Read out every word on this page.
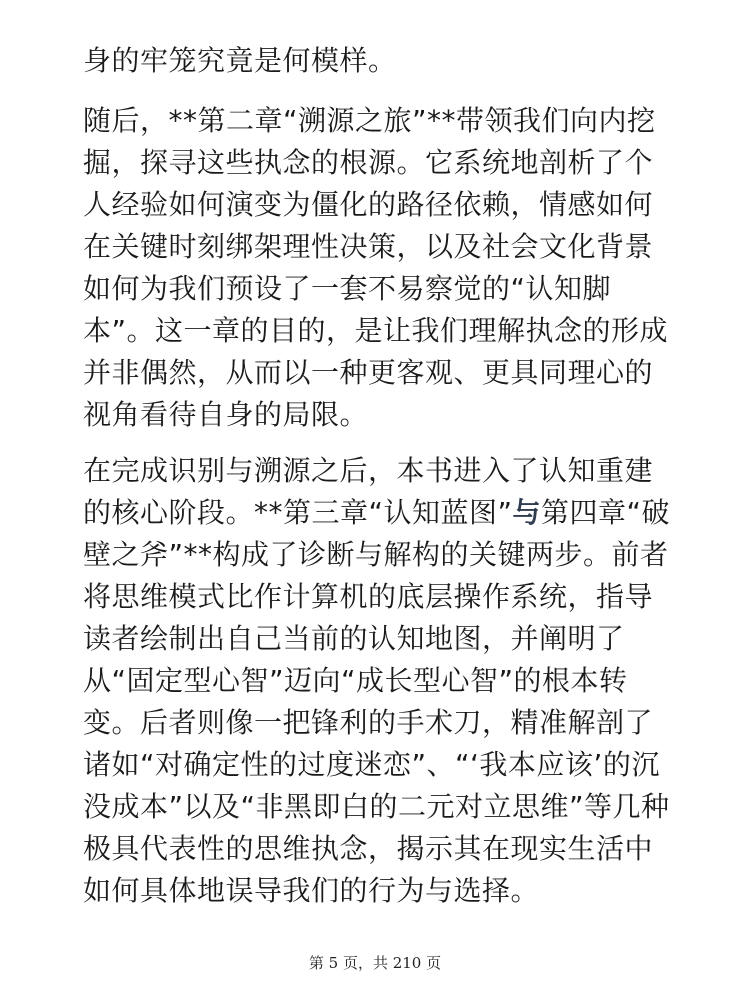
身的牢笼究竟是何模样。

随后，**第二章“溯源之旅”**带领我们向内挖掘，探寻这些执念的根源。它系统地剖析了个人经验如何演变为僵化的路径依赖，情感如何在关键时刻绑架理性决策，以及社会文化背景如何为我们预设了一套不易察觉的“认知脚本”。这一章的目的，是让我们理解执念的形成并非偶然，从而以一种更客观、更具同理心的视角看待自身的局限。

在完成识别与溯源之后，本书进入了认知重建的核心阶段。**第三章“认知蓝图”与第四章“破壁之斧”**构成了诊断与解构的关键两步。前者将思维模式比作计算机的底层操作系统，指导读者绘制出自己当前的认知地图，并阐明了从“固定型心智”迈向“成长型心智”的根本转变。后者则像一把锋利的手术刀，精准解剖了诸如“对确定性的过度迷恋”、“‘我本应该’的沉没成本”以及“非黑即白的二元对立思维”等几种极具代表性的思维执念，揭示其在现实生活中如何具体地误导我们的行为与选择。

第 5 页，共 210 页
